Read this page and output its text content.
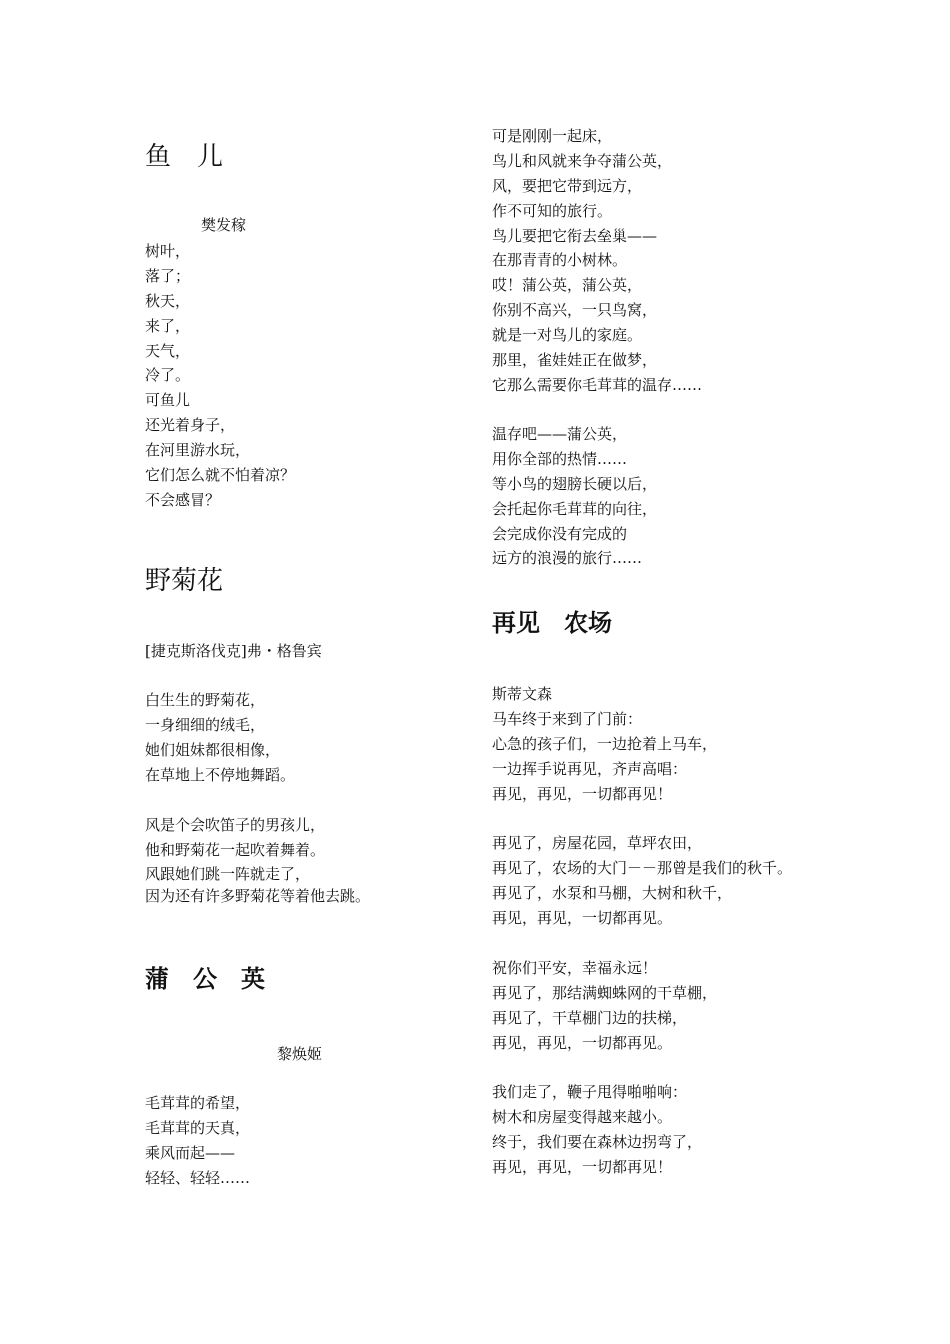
鱼　儿

樊发稼

树叶，
落了；
秋天，
来了，
天气，
冷了。
可鱼儿
还光着身子，
在河里游水玩，
它们怎么就不怕着凉？
不会感冒？
野菊花

[捷克斯洛伐克]弗・格鲁宾

白生生的野菊花，
一身细细的绒毛，
她们姐妹都很相像，
在草地上不停地舞蹈。
风是个会吹笛子的男孩儿，
他和野菊花一起吹着舞着。
风跟她们跳一阵就走了，
因为还有许多野菊花等着他去跳。
蒲　公　英

黎焕姬

毛茸茸的希望，
毛茸茸的天真，
乘风而起——
轻轻、轻轻……
可是刚刚一起床，
鸟儿和风就来争夺蒲公英，
风，要把它带到远方，
作不可知的旅行。
鸟儿要把它衔去垒巢——
在那青青的小树林。
哎！蒲公英，蒲公英，
你别不高兴，一只鸟窝，
就是一对鸟儿的家庭。
那里，雀娃娃正在做梦，
它那么需要你毛茸茸的温存……
温存吧——蒲公英，
用你全部的热情……
等小鸟的翅膀长硬以后，
会托起你毛茸茸的向往，
会完成你没有完成的
远方的浪漫的旅行……
再见　农场

斯蒂文森

马车终于来到了门前：
心急的孩子们，一边抢着上马车，
一边挥手说再见，齐声高唱：
再见，再见，一切都再见！
再见了，房屋花园，草坪农田，
再见了，农场的大门－－那曾是我们的秋千。
再见了，水泵和马棚，大树和秋千，
再见，再见，一切都再见。
祝你们平安，幸福永远！
再见了，那结满蜘蛛网的干草棚，
再见了，干草棚门边的扶梯，
再见，再见，一切都再见。
我们走了，鞭子甩得啪啪响：
树木和房屋变得越来越小。
终于，我们要在森林边拐弯了，
再见，再见，一切都再见！
